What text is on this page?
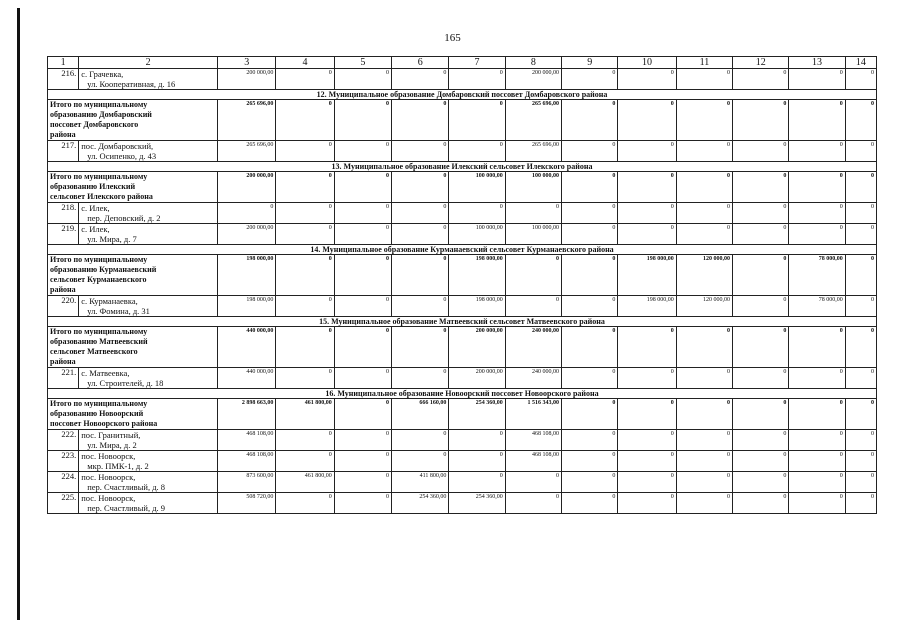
165
1	2	3	4	5	6	7	8	9	10	11	12	13	14
216.	с. Грачевка,
ул. Кооперативная, д. 16	200 000,00	0	0	0	0	200 000,00	0	0	0	0	0	0
12. Муниципальное образование Домбаровский поссовет Домбаровского района													

Итого по муниципальному
образованию Домбаровский
поссовет Домбаровского
района		265 696,00	0	0	0	0	265 696,00	0	0	0	0	0	0
217.	пос. Домбаровский,
ул. Осипенко, д. 43	265 696,00	0	0	0	0	265 696,00	0	0	0	0	0	0
13. Муниципальное образование Илекский сельсовет Илекского района													

Итого по муниципальному
образованию Илекский
сельсовет Илекского района		200 000,00	0	0	0	100 000,00	100 000,00	0	0	0	0	0	0
218.	с. Илек,
пер. Деповский, д. 2	0	0	0	0	0	0	0	0	0	0	0	0
219.	с. Илек,
ул. Мира, д. 7	200 000,00	0	0	0	100 000,00	100 000,00	0	0	0	0	0	0
14. Муниципальное образование Курманаевский сельсовет Курманаевского района													

Итого по муниципальному
образованию Курманаевский
сельсовет Курманаевского
района		198 000,00	0	0	0	198 000,00	0	0	198 000,00	120 000,00	0	78 000,00	0
220.	с. Курманаевка,
ул. Фомина, д. 31	198 000,00	0	0	0	198 000,00	0	0	198 000,00	120 000,00	0	78 000,00	0
15. Муниципальное образование Матвеевский сельсовет Матвеевского района													

Итого по муниципальному
образованию Матвеевский
сельсовет Матвеевского
района		440 000,00	0	0	0	200 000,00	240 000,00	0	0	0	0	0	0
221.	с. Матвеевка,
ул. Строителей, д. 18	440 000,00	0	0	0	200 000,00	240 000,00	0	0	0	0	0	0
16. Муниципальное образование Новоорский поссовет Новоорского района													

Итого по муниципальному
образованию Новоорский
поссовет Новоорского района		2 898 663,00	461 800,00	0	666 160,00	254 360,00	1 516 343,00	0	0	0	0	0	0
222.	пос. Гранитный,
ул. Мира, д. 2	468 108,00	0	0	0	0	468 108,00	0	0	0	0	0	0
223.	пос. Новоорск,
мкр. ПМК-1, д. 2	468 108,00	0	0	0	0	468 108,00	0	0	0	0	0	0
224.	пос. Новоорск,
пер. Счастливый, д. 8	873 600,00	461 800,00	0	411 800,00	0	0	0	0	0	0	0	0
225.	пос. Новоорск,
пер. Счастливый, д. 9	508 720,00	0	0	254 360,00	254 360,00	0	0	0	0	0	0	0
